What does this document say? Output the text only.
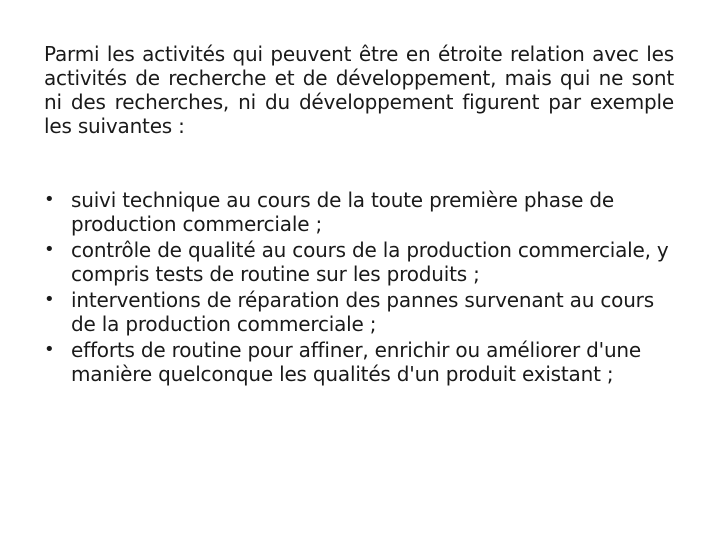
Parmi les activités qui peuvent être en étroite relation avec les activités de recherche et de développement, mais qui ne sont ni des recherches, ni du développement figurent par exemple les suivantes :

• suivi technique au cours de la toute première phase de production commerciale ;
• contrôle de qualité au cours de la production commerciale, y compris tests de routine sur les produits ;
• interventions de réparation des pannes survenant au cours de la production commerciale ;
• efforts de routine pour affiner, enrichir ou améliorer d'une manière quelconque les qualités d'un produit existant ;
